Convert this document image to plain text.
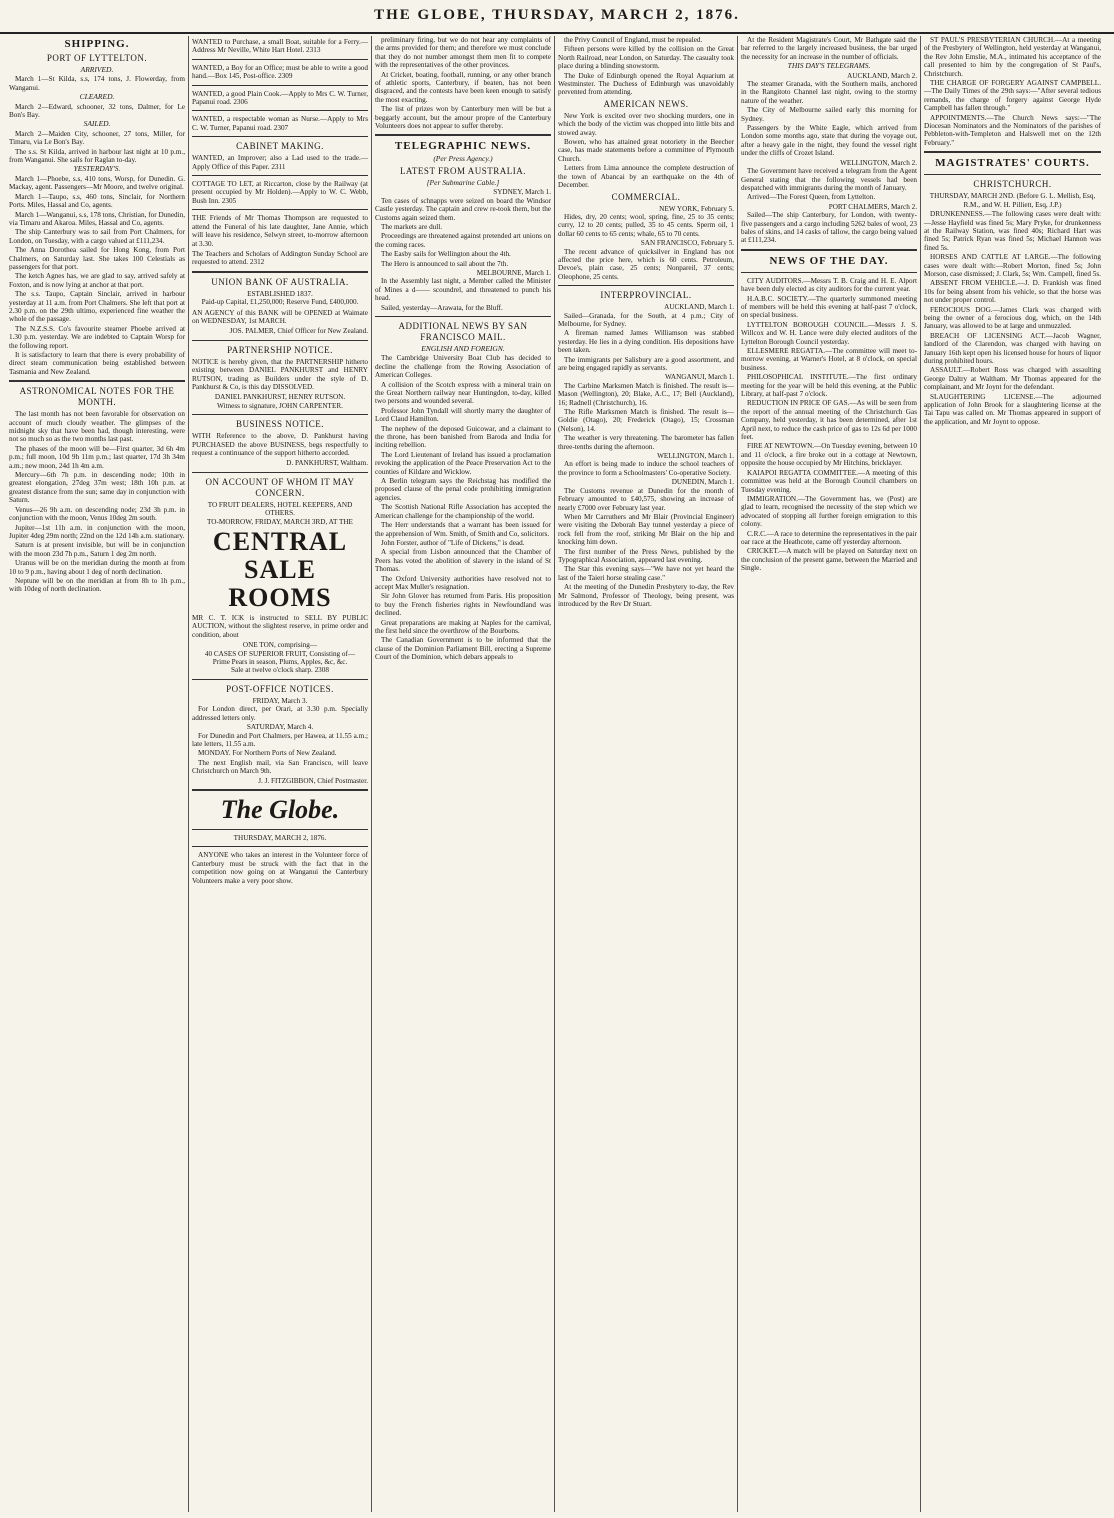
THE GLOBE, THURSDAY, MARCH 2, 1876.
SHIPPING.
PORT OF LYTTELTON.
ARRIVED.

March 1—St Kilda, s.s, 174 tons, J. Flowerday, from Wanganui.

CLEARED.

March 2—Edward, schooner, 32 tons, Dalmer, for Le Bon's Bay.

SAILED.

March 2—Maiden City, schooner, 27 tons, Miller, for Timaru, via Le Bon's Bay.

The s.s. St Kilda, arrived in harbour last night at 10 p.m., from Wanganui. She sails for Raglan to-day.

YESTERDAY'S.

March 1—Phoebe, s.s, 410 tons, Worsp, for Dunedin. G. Mackay, agent. Passengers—Mr Moore, and twelve original.

March 1—Taupo, s.s, 460 tons, Sinclair, for Northern Ports. Miles, Hassal and Co, agents.

March 1—Wanganui, s.s, 178 tons, Christian, for Dunedin, via Timaru and Akaroa. Miles, Hassal and Co, agents.

The ship Canterbury was to sail from Port Chalmers, for London, on Tuesday, with a cargo valued at £111,234.

The Anna Dorothea sailed for Hong Kong, from Port Chalmers, on Saturday last. She takes 100 Celestials as passengers for that port.

The ketch Agnes has, we are glad to say, arrived safely at Foxton, and is now lying at anchor at that port.

The s.s. Taupo, Captain Sinclair, arrived in harbour yesterday at 11 a.m. from Port Chalmers. She left that port at 2.30 p.m. on the 29th ultimo, experienced fine weather the whole of the passage.

The N.Z.S.S. Co's favourite steamer Phoebe arrived at 1.30 p.m. yesterday. We are indebted to Captain Worsp for the following report.

It is satisfactory to learn that there is every probability of direct steam communication being established between Tasmania and New Zealand.

ASTRONOMICAL NOTES FOR THE MONTH.

The last month has not been favorable for observation on account of much cloudy weather. The glimpses of the midnight sky that have been had, though interesting, were not so much so as the two months last past.

The phases of the moon will be—First quarter, 3d 6h 4m p.m.; full moon, 10d 9h 11m p.m.; last quarter, 17d 3h 34m a.m.; new moon, 24d 1h 4m a.m.

Mercury—6th 7h p.m. in descending node; 10th in greatest elongation, 27deg 37m west; 18th 10h p.m. at greatest distance from the sun; same day in conjunction with Saturn.

Venus—26 9h a.m. on descending node; 23d 3h p.m. in conjunction with the moon, Venus 10deg 2m south.

Jupiter—1st 11h a.m. in conjunction with the moon, Jupiter 4deg 29m north; 22nd on the 12d 14h a.m. stationary.

Saturn is at present invisible, but will be in conjunction with the moon 23d 7h p.m., Saturn 1 deg 2m north.

Uranus will be on the meridian during the month at from 10 to 9 p.m., having about 1 deg of north declination.

Neptune will be on the meridian at from 8h to 1h p.m., with 10deg of north declination.

WANTED to Purchase, a small Boat, suitable for a Ferry.—Address Mr Neville, White Hart Hotel. 2313

WANTED, a Boy for an Office; must be able to write a good hand.—Box 145, Post-office. 2309

WANTED, a good Plain Cook.—Apply to Mrs C. W. Turner, Papanui road. 2306

WANTED, a respectable woman as Nurse.—Apply to Mrs C. W. Turner, Papanui road. 2307

CABINET MAKING.

WANTED, an Improver; also a Lad used to the trade.—Apply Office of this Paper. 2311

COTTAGE TO LET, at Riccarton, close by the Railway (at present occupied by Mr Holden).—Apply to W. C. Webb, Bush Inn. 2305

THE Friends of Mr Thomas Thompson are requested to attend the Funeral of his late daughter, Jane Annie, which will leave his residence, Selwyn street, to-morrow afternoon at 3.30.

The Teachers and Scholars of Addington Sunday School are requested to attend. 2312

UNION BANK OF AUSTRALIA.
ESTABLISHED 1837.

Paid-up Capital, £1,250,000; Reserve Fund, £400,000.

AN AGENCY of this BANK will be OPENED at Waimate on WEDNESDAY, 1st MARCH.

JOS. PALMER, Chief Officer for New Zealand.
PARTNERSHIP NOTICE.

NOTICE is hereby given, that the PARTNERSHIP hitherto existing between DANIEL PANKHURST and HENRY RUTSON, trading as Builders under the style of D. Pankhurst & Co, is this day DISSOLVED.

DANIEL PANKHURST, HENRY RUTSON.
Witness to signature, JOHN CARPENTER.
BUSINESS NOTICE.

WITH Reference to the above, D. Pankhurst having PURCHASED the above BUSINESS, begs respectfully to request a continuance of the support hitherto accorded.

D. PANKHURST, Waltham.
ON ACCOUNT OF WHOM IT MAY CONCERN.
TO FRUIT DEALERS, HOTEL KEEPERS, AND OTHERS.
TO-MORROW, FRIDAY, MARCH 3RD, AT THE
CENTRAL SALE ROOMS

MR C. T. ICK is instructed to SELL BY PUBLIC AUCTION, without the slightest reserve, in prime order and condition, about

ONE TON, comprising—
40 CASES OF SUPERIOR FRUIT, Consisting of—
Prime Pears in season, Plums, Apples, &c, &c.
Sale at twelve o'clock sharp. 2308
POST-OFFICE NOTICES.
FRIDAY, March 3.

For London direct, per Orari, at 3.30 p.m. Specially addressed letters only.

SATURDAY, March 4.

For Dunedin and Port Chalmers, per Hawea, at 11.55 a.m.; late letters, 11.55 a.m.

MONDAY. For Northern Ports of New Zealand.

The next English mail, via San Francisco, will leave Christchurch on March 9th.

J. J. FITZGIBBON, Chief Postmaster.
The Globe.
THURSDAY, MARCH 2, 1876.

ANYONE who takes an interest in the Volunteer force of Canterbury must be struck with the fact that in the competition now going on at Wanganui the Canterbury Volunteers make a very poor show.

preliminary firing, but we do not hear any complaints of the arms provided for them; and therefore we must conclude that they do not number amongst them men fit to compete with the representatives of the other provinces.

At Cricket, boating, football, running, or any other branch of athletic sports, Canterbury, if beaten, has not been disgraced, and the contests have been keen enough to satisfy the most exacting.

The list of prizes won by Canterbury men will be but a beggarly account, but the amour propre of the Canterbury Volunteers does not appear to suffer thereby.

TELEGRAPHIC NEWS.
(Per Press Agency.)
LATEST FROM AUSTRALIA.
[Per Submarine Cable.]
SYDNEY, March 1.

Ten cases of schnapps were seized on board the Windsor Castle yesterday. The captain and crew re-took them, but the Customs again seized them.

The markets are dull.

Proceedings are threatened against pretended art unions on the coming races.

The Easby sails for Wellington about the 4th.

The Hero is announced to sail about the 7th.

MELBOURNE, March 1.

In the Assembly last night, a Member called the Minister of Mines a d—— scoundrel, and threatened to punch his head.

Sailed, yesterday—Arawata, for the Bluff.

ADDITIONAL NEWS BY SAN FRANCISCO MAIL.
ENGLISH AND FOREIGN.

The Cambridge University Boat Club has decided to decline the challenge from the Rowing Association of American Colleges.

A collision of the Scotch express with a mineral train on the Great Northern railway near Huntingdon, to-day, killed two persons and wounded several.

Professor John Tyndall will shortly marry the daughter of Lord Claud Hamilton.

The nephew of the deposed Guicowar, and a claimant to the throne, has been banished from Baroda and India for inciting rebellion.

The Lord Lieutenant of Ireland has issued a proclamation revoking the application of the Peace Preservation Act to the counties of Kildare and Wicklow.

A Berlin telegram says the Reichstag has modified the proposed clause of the penal code prohibiting immigration agencies.

The Scottish National Rifle Association has accepted the American challenge for the championship of the world.

The Herr understands that a warrant has been issued for the apprehension of Wm. Smith, of Smith and Co, solicitors.

John Forster, author of "Life of Dickens," is dead.

A special from Lisbon announced that the Chamber of Peers has voted the abolition of slavery in the island of St Thomas.

The Oxford University authorities have resolved not to accept Max Muller's resignation.

Sir John Glover has returned from Paris. His proposition to buy the French fisheries rights in Newfoundland was declined.

Great preparations are making at Naples for the carnival, the first held since the overthrow of the Bourbons.

The Canadian Government is to be informed that the clause of the Dominion Parliament Bill, erecting a Supreme Court of the Dominion, which debars appeals to

the Privy Council of England, must be repealed.

Fifteen persons were killed by the collision on the Great North Railroad, near London, on Saturday. The casualty took place during a blinding snowstorm.

The Duke of Edinburgh opened the Royal Aquarium at Westminster. The Duchess of Edinburgh was unavoidably prevented from attending.

AMERICAN NEWS.

New York is excited over two shocking murders, one in which the body of the victim was chopped into little bits and stowed away.

Bowen, who has attained great notoriety in the Beecher case, has made statements before a committee of Plymouth Church.

Letters from Lima announce the complete destruction of the town of Abancai by an earthquake on the 4th of December.

COMMERCIAL.
NEW YORK, February 5.

Hides, dry, 20 cents; wool, spring, fine, 25 to 35 cents; curry, 12 to 20 cents; pulled, 35 to 45 cents. Sperm oil, 1 dollar 60 cents to 65 cents; whale, 65 to 70 cents.

SAN FRANCISCO, February 5.

The recent advance of quicksilver in England has not affected the price here, which is 60 cents. Petroleum, Devoe's, plain case, 25 cents; Nonpareil, 37 cents; Oleophone, 25 cents.

INTERPROVINCIAL.
AUCKLAND, March 1.

Sailed—Granada, for the South, at 4 p.m.; City of Melbourne, for Sydney.

A fireman named James Williamson was stabbed yesterday. He lies in a dying condition. His depositions have been taken.

The immigrants per Salisbury are a good assortment, and are being engaged rapidly as servants.

WANGANUI, March 1.

The Carbine Marksmen Match is finished. The result is—Mason (Wellington), 20; Blake, A.C., 17; Bell (Auckland), 16; Radnell (Christchurch), 16.

The Rifle Marksmen Match is finished. The result is—Goldie (Otago), 20; Frederick (Otago), 15; Crossman (Nelson), 14.

The weather is very threatening. The barometer has fallen three-tenths during the afternoon.

WELLINGTON, March 1.

An effort is being made to induce the school teachers of the province to form a Schoolmasters' Co-operative Society.

DUNEDIN, March 1.

The Customs revenue at Dunedin for the month of February amounted to £40,575, showing an increase of nearly £7000 over February last year.

When Mr Carruthers and Mr Blair (Provincial Engineer) were visiting the Deborah Bay tunnel yesterday a piece of rock fell from the roof, striking Mr Blair on the hip and knocking him down.

The first number of the Press News, published by the Typographical Association, appeared last evening.

The Star this evening says—"We have not yet heard the last of the Taieri horse stealing case."

At the meeting of the Dunedin Presbytery to-day, the Rev Mr Salmond, Professor of Theology, being present, was introduced by the Rev Dr Stuart.

At the Resident Magistrate's Court, Mr Bathgate said the bar referred to the largely increased business, the bar urged the necessity for an increase in the number of officials.

THIS DAY'S TELEGRAMS.
AUCKLAND, March 2.

The steamer Granada, with the Southern mails, anchored in the Rangitoto Channel last night, owing to the stormy nature of the weather.

The City of Melbourne sailed early this morning for Sydney.

Passengers by the White Eagle, which arrived from London some months ago, state that during the voyage out, after a heavy gale in the night, they found the vessel right under the cliffs of Crozet Island.

WELLINGTON, March 2.

The Government have received a telegram from the Agent General stating that the following vessels had been despatched with immigrants during the month of January.

Arrived—The Forest Queen, from Lyttelton.

PORT CHALMERS, March 2.

Sailed—The ship Canterbury, for London, with twenty-five passengers and a cargo including 5262 bales of wool, 23 bales of skins, and 14 casks of tallow, the cargo being valued at £111,234.

NEWS OF THE DAY.

CITY AUDITORS.—Messrs T. B. Craig and H. E. Alport have been duly elected as city auditors for the current year.

H.A.B.C. SOCIETY.—The quarterly summoned meeting of members will be held this evening at half-past 7 o'clock, on special business.

LYTTELTON BOROUGH COUNCIL.—Messrs J. S. Willcox and W. H. Lance were duly elected auditors of the Lyttelton Borough Council yesterday.

ELLESMERE REGATTA.—The committee will meet to-morrow evening, at Warner's Hotel, at 8 o'clock, on special business.

PHILOSOPHICAL INSTITUTE.—The first ordinary meeting for the year will be held this evening, at the Public Library, at half-past 7 o'clock.

REDUCTION IN PRICE OF GAS.—As will be seen from the report of the annual meeting of the Christchurch Gas Company, held yesterday, it has been determined, after 1st April next, to reduce the cash price of gas to 12s 6d per 1000 feet.

FIRE AT NEWTOWN.—On Tuesday evening, between 10 and 11 o'clock, a fire broke out in a cottage at Newtown, opposite the house occupied by Mr Hitchins, bricklayer.

KAIAPOI REGATTA COMMITTEE.—A meeting of this committee was held at the Borough Council chambers on Tuesday evening.

IMMIGRATION.—The Government has, we (Post) are glad to learn, recognised the necessity of the step which we advocated of stopping all further foreign emigration to this colony.

C.R.C.—A race to determine the representatives in the pair oar race at the Heathcote, came off yesterday afternoon.

CRICKET.—A match will be played on Saturday next on the conclusion of the present game, between the Married and Single.

ST PAUL'S PRESBYTERIAN CHURCH.—At a meeting of the Presbytery of Wellington, held yesterday at Wanganui, the Rev John Emslie, M.A., intimated his acceptance of the call presented to him by the congregation of St Paul's, Christchurch.

THE CHARGE OF FORGERY AGAINST CAMPBELL.—The Daily Times of the 29th says:—"After several tedious remands, the charge of forgery against George Hyde Campbell has fallen through."

APPOINTMENTS.—The Church News says:—"The Diocesan Nominators and the Nominators of the parishes of Pebbleton-with-Templeton and Halswell met on the 12th February."

MAGISTRATES' COURTS.
CHRISTCHURCH.

THURSDAY, MARCH 2ND. (Before G. L. Mellish, Esq, R.M., and W. H. Pilliett, Esq, J.P.)

DRUNKENNESS.—The following cases were dealt with:—Jesse Hayfield was fined 5s; Mary Pryke, for drunkenness at the Railway Station, was fined 40s; Richard Hart was fined 5s; Patrick Ryan was fined 5s; Michael Hannon was fined 5s.

HORSES AND CATTLE AT LARGE.—The following cases were dealt with:—Robert Morton, fined 5s; John Morson, case dismissed; J. Clark, 5s; Wm. Campell, fined 5s.

ABSENT FROM VEHICLE.—J. D. Frankish was fined 10s for being absent from his vehicle, so that the horse was not under proper control.

FEROCIOUS DOG.—James Clark was charged with being the owner of a ferocious dog, which, on the 14th January, was allowed to be at large and unmuzzled.

BREACH OF LICENSING ACT.—Jacob Wagner, landlord of the Clarendon, was charged with having on January 16th kept open his licensed house for hours of liquor during prohibited hours.

ASSAULT.—Robert Ross was charged with assaulting George Daltry at Waltham. Mr Thomas appeared for the complainant, and Mr Joynt for the defendant.

SLAUGHTERING LICENSE.—The adjourned application of John Brook for a slaughtering license at the Tai Tapu was called on. Mr Thomas appeared in support of the application, and Mr Joynt to oppose.
